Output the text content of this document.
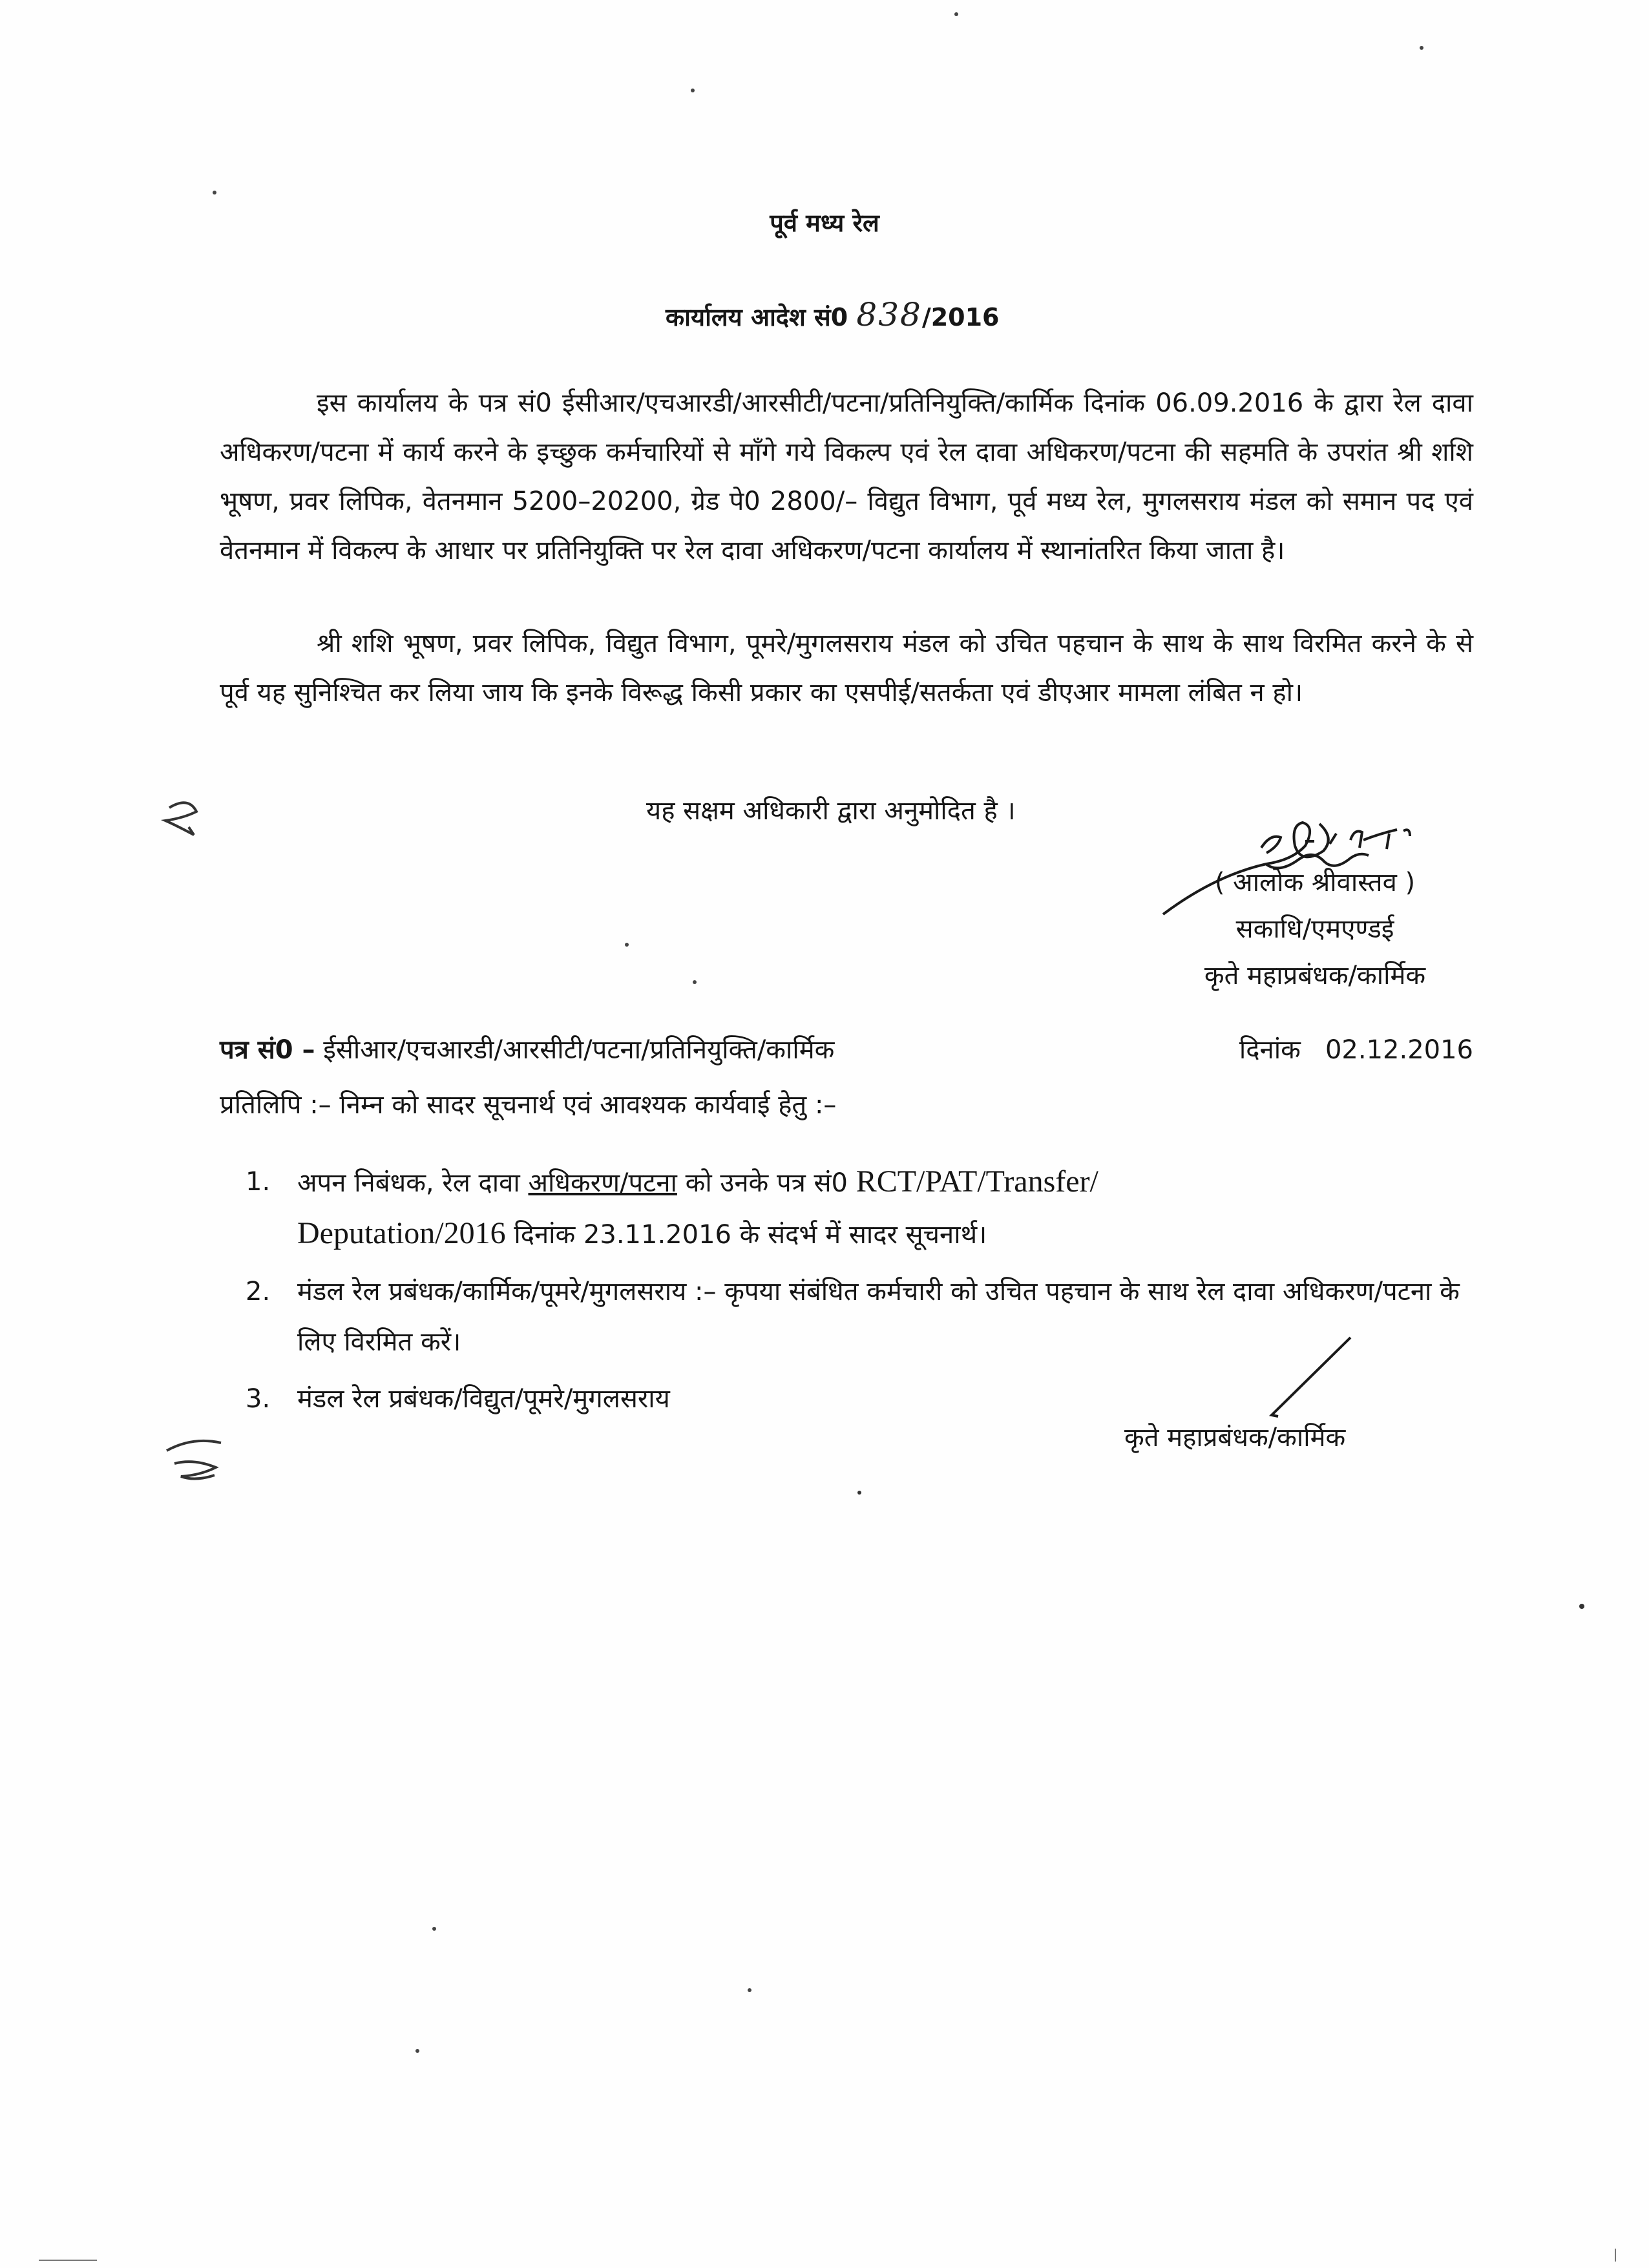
पूर्व मध्य रेल
कार्यालय आदेश सं0 838/2016
इस कार्यालय के पत्र सं0 ईसीआर/एचआरडी/आरसीटी/पटना/प्रतिनियुक्ति/कार्मिक दिनांक 06.09.2016 के द्वारा रेल दावा अधिकरण/पटना में कार्य करने के इच्छुक कर्मचारियों से माँगे गये विकल्प एवं रेल दावा अधिकरण/पटना की सहमति के उपरांत श्री शशि भूषण, प्रवर लिपिक, वेतनमान 5200–20200, ग्रेड पे0 2800/– विद्युत विभाग, पूर्व मध्य रेल, मुगलसराय मंडल को समान पद एवं वेतनमान में विकल्प के आधार पर प्रतिनियुक्ति पर रेल दावा अधिकरण/पटना कार्यालय में स्थानांतरित किया जाता है।
श्री शशि भूषण, प्रवर लिपिक, विद्युत विभाग, पूमरे/मुगलसराय मंडल को उचित पहचान के साथ के साथ विरमित करने के से पूर्व यह सुनिश्चित कर लिया जाय कि इनके विरूद्ध किसी प्रकार का एसपीई/सतर्कता एवं डीएआर मामला लंबित न हो।
यह सक्षम अधिकारी द्वारा अनुमोदित है ।
( आलोक श्रीवास्तव )
सकाधि/एमएण्डई
कृते महाप्रबंधक/कार्मिक
पत्र सं0 – ईसीआर/एचआरडी/आरसीटी/पटना/प्रतिनियुक्ति/कार्मिक	दिनांक 02.12.2016
प्रतिलिपि :– निम्न को सादर सूचनार्थ एवं आवश्यक कार्यवाई हेतु :–
1.	अपन निबंधक, रेल दावा अधिकरण/पटना को उनके पत्र सं0 RCT/PAT/Transfer/
Deputation/2016 दिनांक 23.11.2016 के संदर्भ में सादर सूचनार्थ।
2.	मंडल रेल प्रबंधक/कार्मिक/पूमरे/मुगलसराय :– कृपया संबंधित कर्मचारी को उचित पहचान के साथ रेल दावा अधिकरण/पटना के लिए विरमित करें।
3.	मंडल रेल प्रबंधक/विद्युत/पूमरे/मुगलसराय
कृते महाप्रबंधक/कार्मिक
